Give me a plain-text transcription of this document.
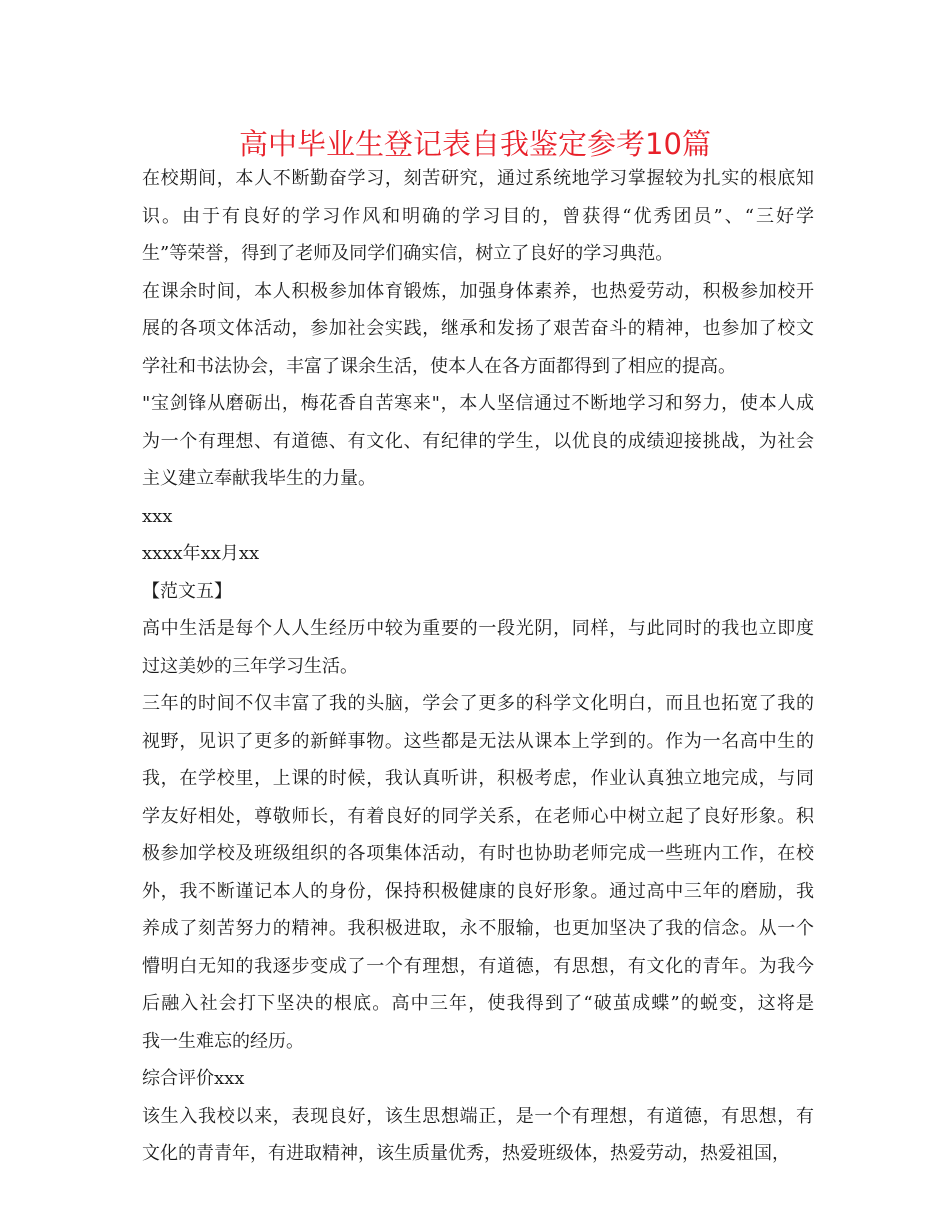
高中毕业生登记表自我鉴定参考10篇

在校期间，本人不断勤奋学习，刻苦研究，通过系统地学习掌握较为扎实的根底知
识。由于有良好的学习作风和明确的学习目的，曾获得“优秀团员”、“三好学
生”等荣誉，得到了老师及同学们确实信，树立了良好的学习典范。

在课余时间，本人积极参加体育锻炼，加强身体素养，也热爱劳动，积极参加校开
展的各项文体活动，参加社会实践，继承和发扬了艰苦奋斗的精神，也参加了校文
学社和书法协会，丰富了课余生活，使本人在各方面都得到了相应的提高。

"宝剑锋从磨砺出，梅花香自苦寒来"，本人坚信通过不断地学习和努力，使本人成
为一个有理想、有道德、有文化、有纪律的学生，以优良的成绩迎接挑战，为社会
主义建立奉献我毕生的力量。

xxx

xxxx年xx月xx

【范文五】

高中生活是每个人人生经历中较为重要的一段光阴，同样，与此同时的我也立即度
过这美妙的三年学习生活。

三年的时间不仅丰富了我的头脑，学会了更多的科学文化明白，而且也拓宽了我的
视野，见识了更多的新鲜事物。这些都是无法从课本上学到的。作为一名高中生的
我，在学校里，上课的时候，我认真听讲，积极考虑，作业认真独立地完成，与同
学友好相处，尊敬师长，有着良好的同学关系，在老师心中树立起了良好形象。积
极参加学校及班级组织的各项集体活动，有时也协助老师完成一些班内工作，在校
外，我不断谨记本人的身份，保持积极健康的良好形象。通过高中三年的磨励，我
养成了刻苦努力的精神。我积极进取，永不服输，也更加坚决了我的信念。从一个
懵明白无知的我逐步变成了一个有理想，有道德，有思想，有文化的青年。为我今
后融入社会打下坚决的根底。高中三年，使我得到了“破茧成蝶”的蜕变，这将是
我一生难忘的经历。

综合评价xxx

该生入我校以来，表现良好，该生思想端正，是一个有理想，有道德，有思想，有
文化的青青年，有进取精神，该生质量优秀，热爱班级体，热爱劳动，热爱祖国，
